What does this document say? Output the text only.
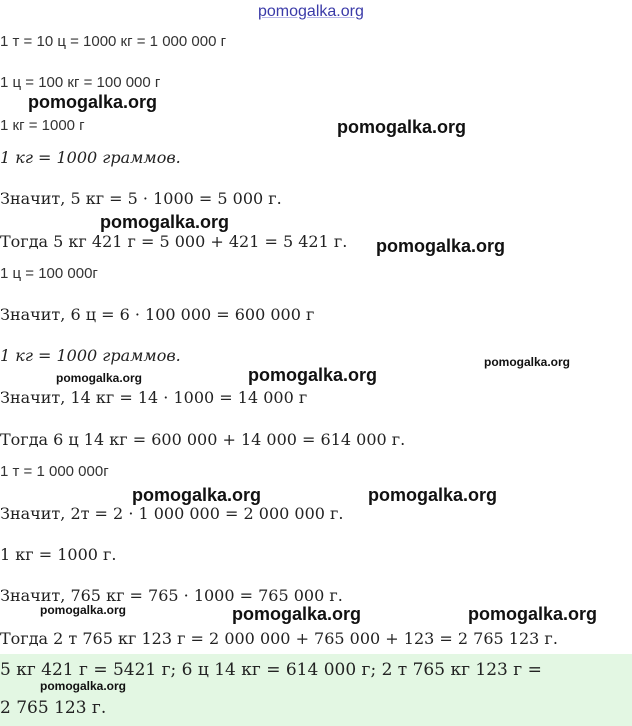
pomogalka.org
1 т = 10 ц = 1000 кг = 1 000 000 г
1 ц = 100 кг = 100 000 г
1 кг = 1000 г
1 кг = 1000 граммов.
Значит, 5 кг = 5 · 1000 = 5 000 г.
Тогда 5 кг 421 г = 5 000 + 421 = 5 421 г.
1 ц = 100 000г
Значит, 6 ц = 6 · 100 000 = 600 000 г
1 кг = 1000 граммов.
Значит, 14 кг = 14 · 1000 = 14 000 г
Тогда 6 ц 14 кг = 600 000 + 14 000 = 614 000 г.
1 т = 1 000 000г
Значит, 2т = 2 · 1 000 000 = 2 000 000 г.
1 кг = 1000 г.
Значит, 765 кг = 765 · 1000 = 765 000 г.
Тогда 2 т 765 кг 123 г = 2 000 000 + 765 000 + 123 = 2 765 123 г.
5 кг 421 г = 5421 г; 6 ц 14 кг = 614 000 г; 2 т 765 кг 123 г =
2 765 123 г.
pomogalka.org
pomogalka.org
pomogalka.org
pomogalka.org
pomogalka.org
pomogalka.org	pomogalka.org
pomogalka.org	pomogalka.org
pomogalka.org	pomogalka.org	pomogalka.org
pomogalka.org
